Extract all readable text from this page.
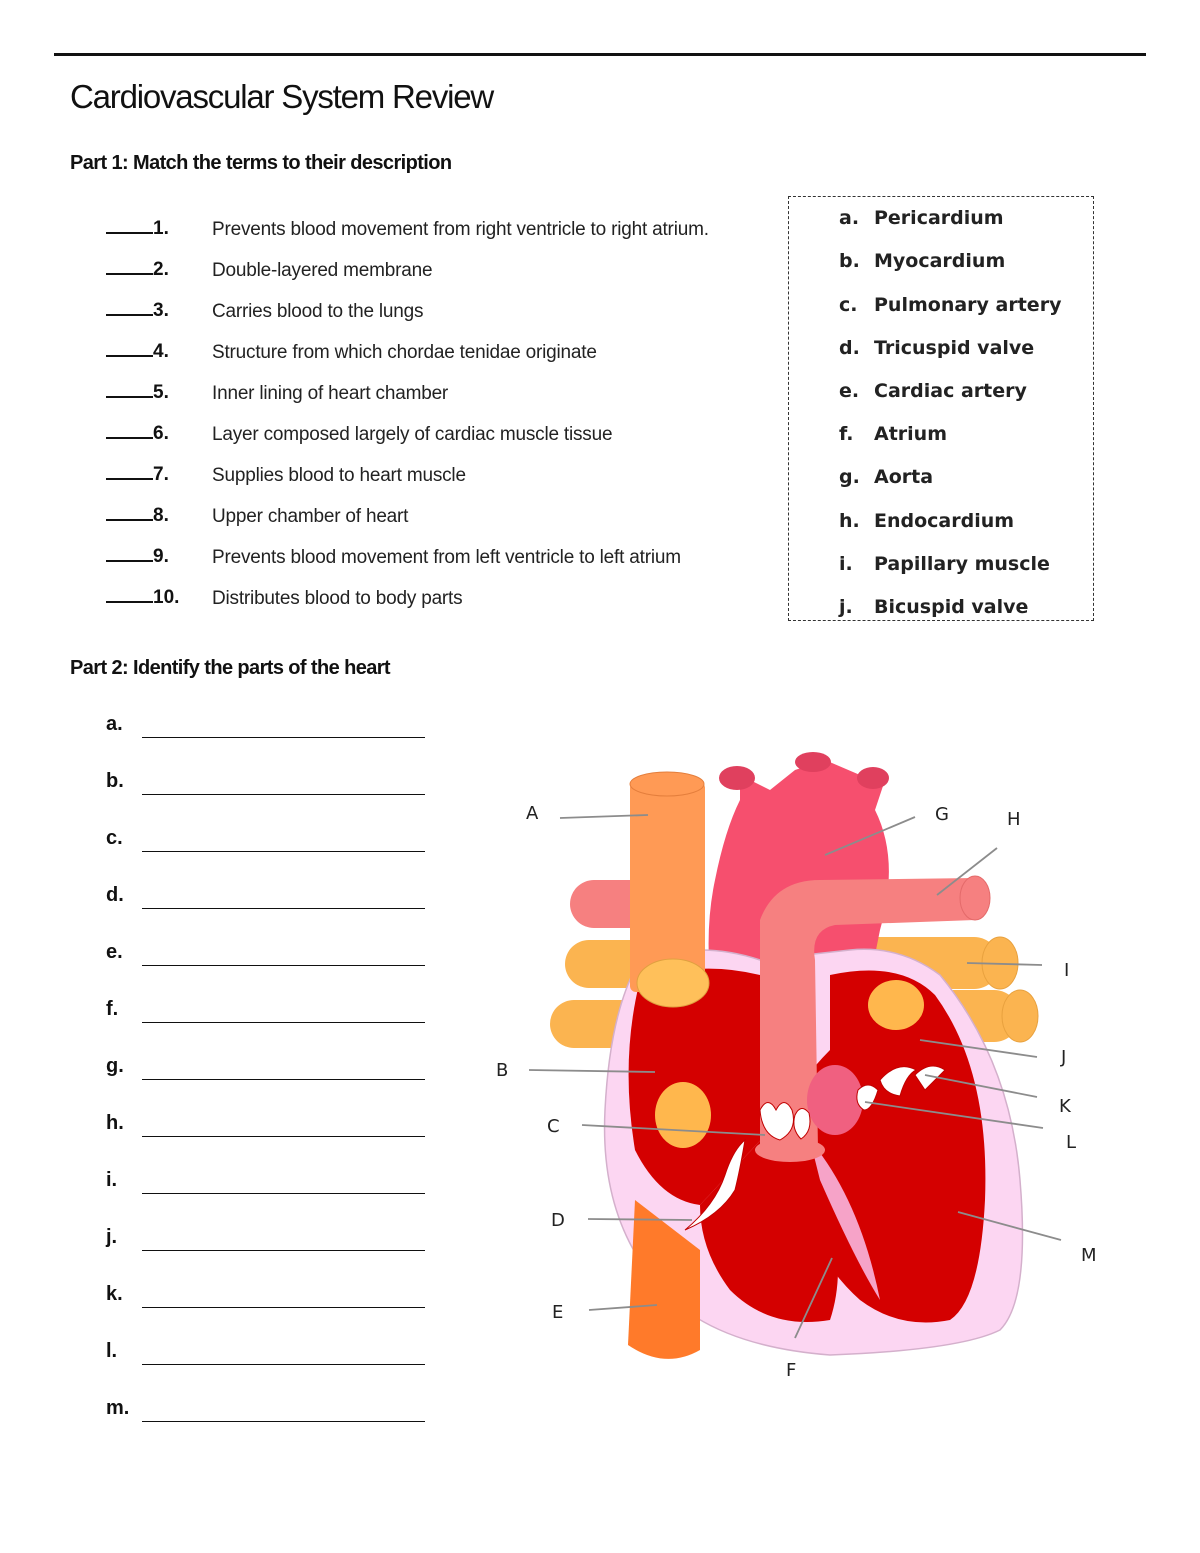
Cardiovascular System Review
Part 1: Match the terms to their description
1. Prevents blood movement from right ventricle to right atrium.
2. Double-layered membrane
3. Carries blood to the lungs
4. Structure from which chordae tenidae originate
5. Inner lining of heart chamber
6. Layer composed largely of cardiac muscle tissue
7. Supplies blood to heart muscle
8. Upper chamber of heart
9. Prevents blood movement from left ventricle to left atrium
10. Distributes blood to body parts
a. Pericardium
b. Myocardium
c. Pulmonary artery
d. Tricuspid valve
e. Cardiac artery
f. Atrium
g. Aorta
h. Endocardium
i. Papillary muscle
j. Bicuspid valve
Part 2: Identify the parts of the heart
a.
b.
c.
d.
e.
f.
g.
h.
i.
j.
k.
l.
m.
A
B
C
D
E
F
G	H
I
J
K
L
M
